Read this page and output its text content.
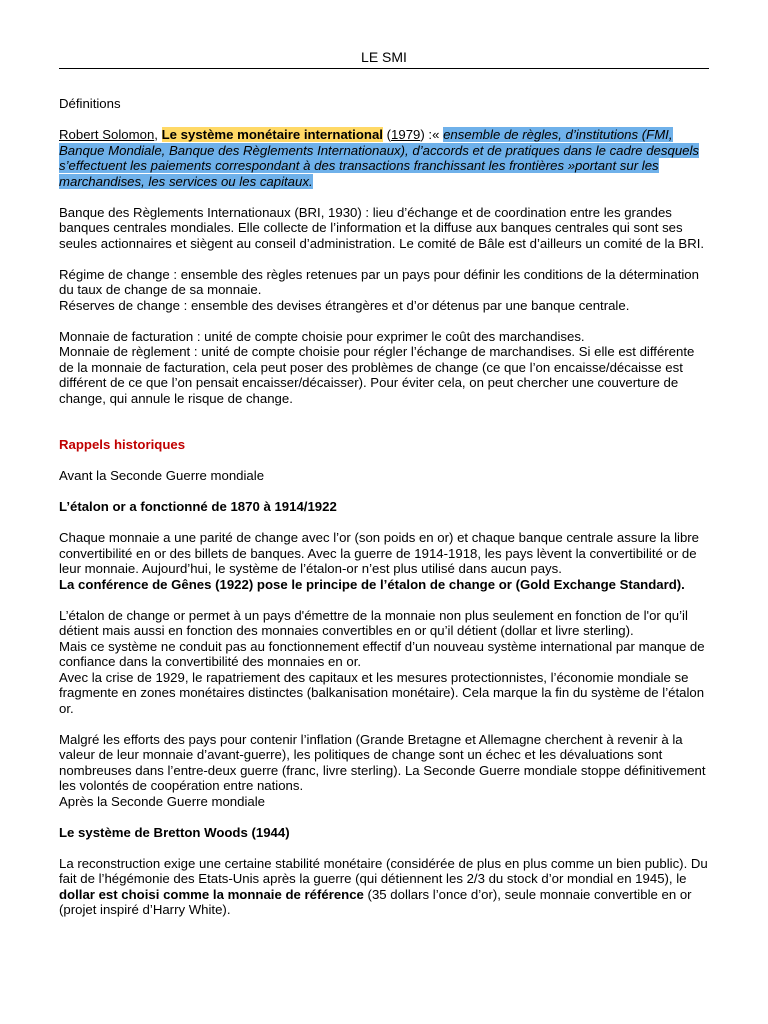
LE SMI

Définitions

Robert Solomon, Le système monétaire international (1979) :« ensemble de règles, d’institutions (FMI, Banque Mondiale, Banque des Règlements Internationaux), d’accords et de pratiques dans le cadre desquels s’effectuent les paiements correspondant à des transactions franchissant les frontières »portant sur les marchandises, les services ou les capitaux.

Banque des Règlements Internationaux (BRI, 1930) : lieu d’échange et de coordination entre les grandes banques centrales mondiales. Elle collecte de l’information et la diffuse aux banques centrales qui sont ses seules actionnaires et siègent au conseil d’administration. Le comité de Bâle est d’ailleurs un comité de la BRI.

Régime de change : ensemble des règles retenues par un pays pour définir les conditions de la détermination du taux de change de sa monnaie.

Réserves de change : ensemble des devises étrangères et d’or détenus par une banque centrale.

Monnaie de facturation : unité de compte choisie pour exprimer le coût des marchandises.

Monnaie de règlement : unité de compte choisie pour régler l’échange de marchandises. Si elle est différente de la monnaie de facturation, cela peut poser des problèmes de change (ce que l’on encaisse/décaisse est différent de ce que l’on pensait encaisser/décaisser). Pour éviter cela, on peut chercher une couverture de change, qui annule le risque de change.

Rappels historiques

Avant la Seconde Guerre mondiale

L’étalon or a fonctionné de 1870 à 1914/1922

Chaque monnaie a une parité de change avec l’or (son poids en or) et chaque banque centrale assure la libre convertibilité en or des billets de banques. Avec la guerre de 1914-1918, les pays lèvent la convertibilité or de leur monnaie. Aujourd’hui, le système de l’étalon-or n’est plus utilisé dans aucun pays.

La conférence de Gênes (1922) pose le principe de l’étalon de change or (Gold Exchange Standard).

L’étalon de change or permet à un pays d'émettre de la monnaie non plus seulement en fonction de l'or qu’il détient mais aussi en fonction des monnaies convertibles en or qu’il détient (dollar et livre sterling).

Mais ce système ne conduit pas au fonctionnement effectif d’un nouveau système international par manque de confiance dans la convertibilité des monnaies en or.

Avec la crise de 1929, le rapatriement des capitaux et les mesures protectionnistes, l’économie mondiale se fragmente en zones monétaires distinctes (balkanisation monétaire). Cela marque la fin du système de l’étalon or.

Malgré les efforts des pays pour contenir l’inflation (Grande Bretagne et Allemagne cherchent à revenir à la valeur de leur monnaie d’avant-guerre), les politiques de change sont un échec et les dévaluations sont nombreuses dans l’entre-deux guerre (franc, livre sterling). La Seconde Guerre mondiale stoppe définitivement les volontés de coopération entre nations.

Après la Seconde Guerre mondiale

Le système de Bretton Woods (1944)

La reconstruction exige une certaine stabilité monétaire (considérée de plus en plus comme un bien public). Du fait de l’hégémonie des Etats-Unis après la guerre (qui détiennent les 2/3 du stock d’or mondial en 1945), le dollar est choisi comme la monnaie de référence (35 dollars l’once d’or), seule monnaie convertible en or (projet inspiré d’Harry White).
